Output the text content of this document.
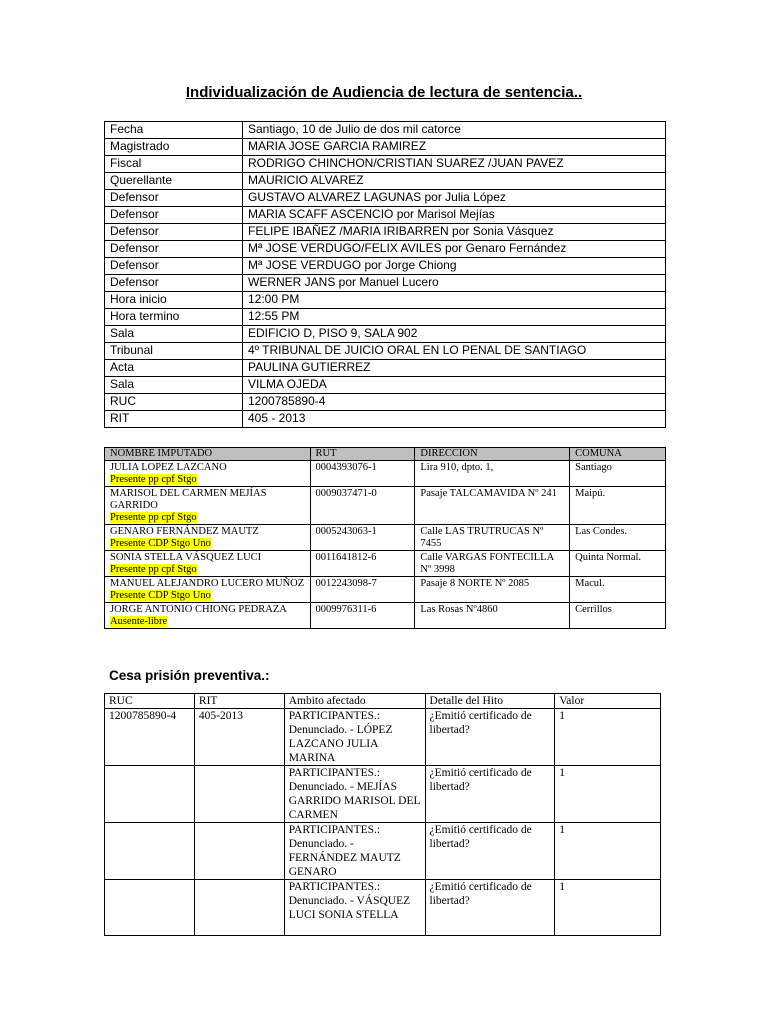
Individualización de Audiencia de lectura de sentencia..
Fecha	Santiago, 10 de Julio de dos mil catorce
Magistrado	MARIA JOSE GARCIA RAMIREZ
Fiscal	RODRIGO CHINCHON/CRISTIAN SUAREZ /JUAN PAVEZ
Querellante	MAURICIO ALVAREZ
Defensor	GUSTAVO ALVAREZ LAGUNAS por Julia López
Defensor	MARIA SCAFF ASCENCIO por Marisol Mejías
Defensor	FELIPE IBAÑEZ /MARIA IRIBARREN por Sonia Vásquez
Defensor	Mª JOSE VERDUGO/FELIX AVILES por Genaro Fernández
Defensor	Mª JOSE VERDUGO por Jorge Chiong
Defensor	WERNER JANS por Manuel Lucero
Hora inicio	12:00 PM
Hora termino	12:55 PM
Sala	EDIFICIO D, PISO 9, SALA 902
Tribunal	4º TRIBUNAL DE JUICIO ORAL EN LO PENAL DE SANTIAGO
Acta	PAULINA GUTIERREZ
Sala	VILMA OJEDA
RUC	1200785890-4
RIT	405 - 2013
NOMBRE IMPUTADO	RUT	DIRECCION	COMUNA

JULIA LOPEZ LAZCANO
Presente pp cpf Stgo	0004393076-1	Lira 910, dpto. 1,	Santiago

MARISOL DEL CARMEN MEJÍAS GARRIDO
Presente pp cpf Stgo	0009037471-0	Pasaje TALCAMAVIDA Nº 241	Maipú.

GENARO FERNÁNDEZ MAUTZ
Presente CDP Stgo Uno	0005243063-1	Calle LAS TRUTRUCAS Nº 7455	Las Condes.

SONIA STELLA VÁSQUEZ LUCI
Presente pp cpf Stgo	0011641812-6	Calle VARGAS FONTECILLA Nº 3998	Quinta Normal.

MANUEL ALEJANDRO LUCERO MUÑOZ
Presente CDP Stgo Uno	0012243098-7	Pasaje 8 NORTE Nº 2085	Macul.

JORGE ANTONIO CHIONG PEDRAZA
Ausente-libre	0009976311-6	Las Rosas Nº4860	Cerrillos
Cesa prisión preventiva.:
RUC	RIT	Ambito afectado	Detalle del Hito	Valor
1200785890-4	405-2013	PARTICIPANTES.: Denunciado. - LÓPEZ LAZCANO JULIA MARINA	¿Emitió certificado de libertad?	1
		PARTICIPANTES.: Denunciado. - MEJÍAS GARRIDO MARISOL DEL CARMEN	¿Emitió certificado de libertad?	1
		PARTICIPANTES.: Denunciado. - FERNÁNDEZ MAUTZ GENARO	¿Emitió certificado de libertad?	1
		PARTICIPANTES.: Denunciado. - VÁSQUEZ LUCI SONIA STELLA	¿Emitió certificado de libertad?	1
